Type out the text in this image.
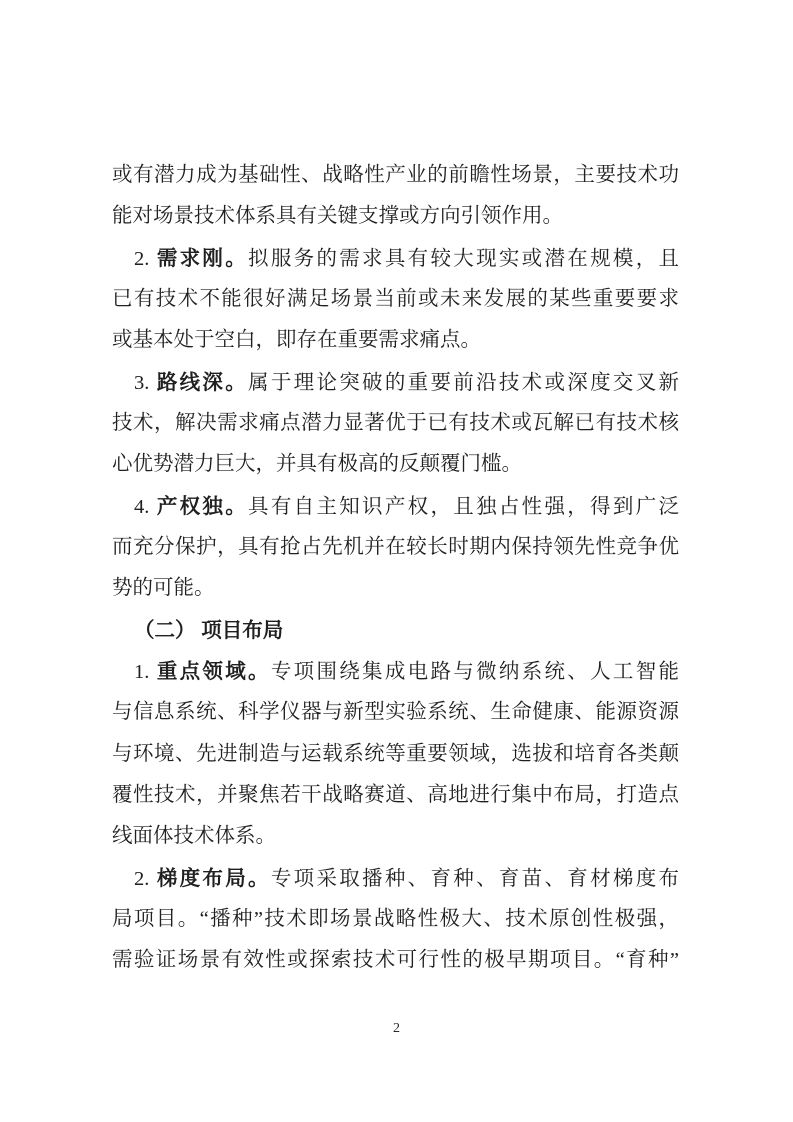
或有潜力成为基础性、战略性产业的前瞻性场景，主要技术功
能对场景技术体系具有关键支撑或方向引领作用。
2. 需求刚。拟服务的需求具有较大现实或潜在规模，且
已有技术不能很好满足场景当前或未来发展的某些重要要求
或基本处于空白，即存在重要需求痛点。
3. 路线深。属于理论突破的重要前沿技术或深度交叉新
技术，解决需求痛点潜力显著优于已有技术或瓦解已有技术核
心优势潜力巨大，并具有极高的反颠覆门槛。
4. 产权独。具有自主知识产权，且独占性强，得到广泛
而充分保护，具有抢占先机并在较长时期内保持领先性竞争优
势的可能。
（二） 项目布局
1. 重点领域。专项围绕集成电路与微纳系统、人工智能
与信息系统、科学仪器与新型实验系统、生命健康、能源资源
与环境、先进制造与运载系统等重要领域，选拔和培育各类颠
覆性技术，并聚焦若干战略赛道、高地进行集中布局，打造点
线面体技术体系。
2. 梯度布局。专项采取播种、育种、育苗、育材梯度布
局项目。“播种”技术即场景战略性极大、技术原创性极强，
需验证场景有效性或探索技术可行性的极早期项目。“育种”
2
